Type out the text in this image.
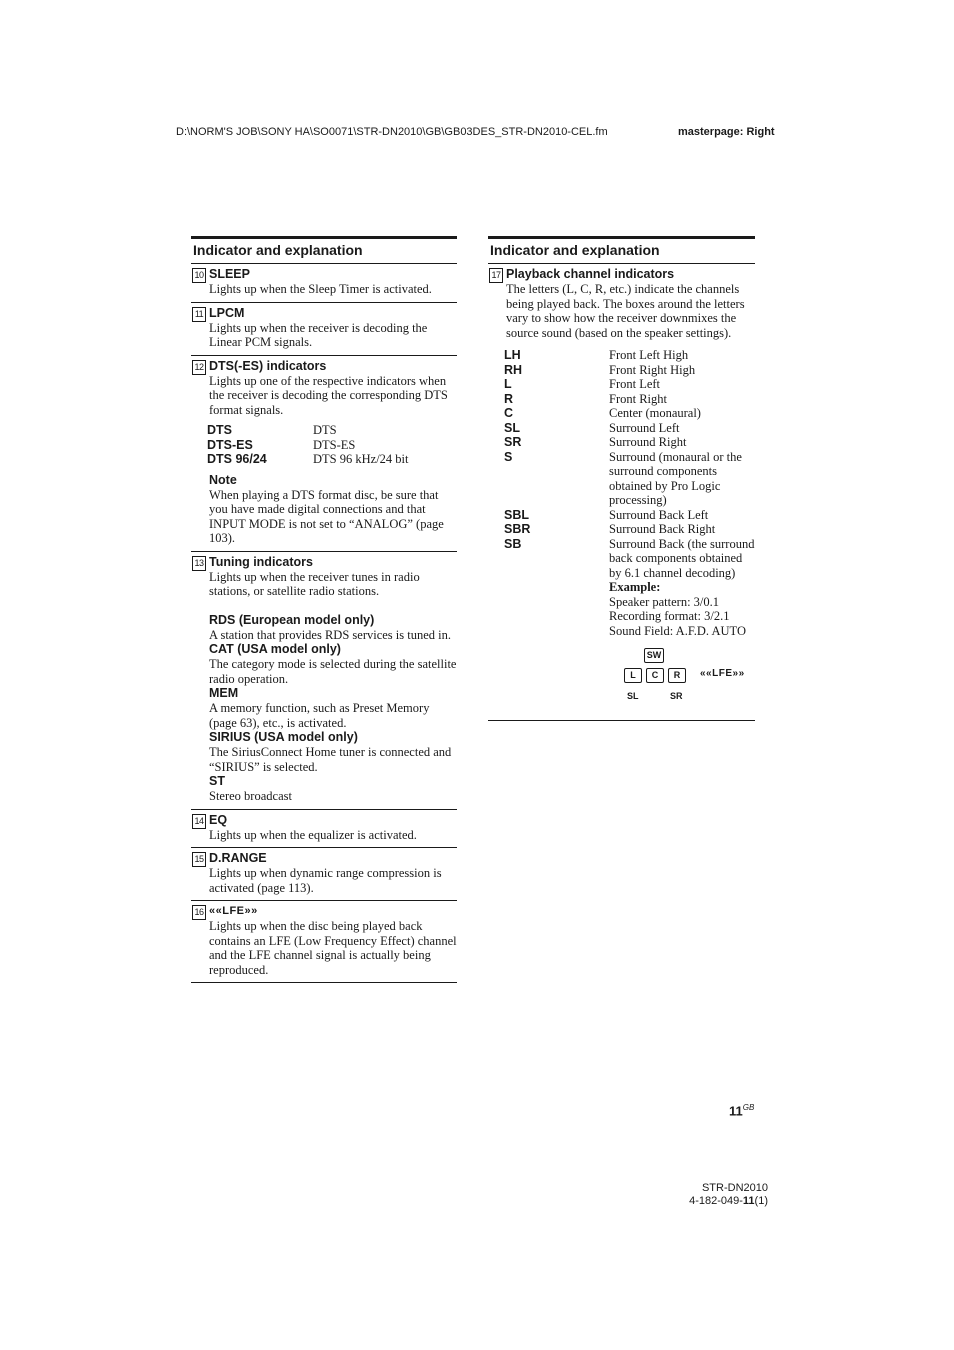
D:\NORM'S JOB\SONY HA\SO0071\STR-DN2010\GB\GB03DES_STR-DN2010-CEL.fm	masterpage: Right
Indicator and explanation
10 SLEEP
Lights up when the Sleep Timer is activated.
11 LPCM
Lights up when the receiver is decoding the Linear PCM signals.
12 DTS(-ES) indicators
Lights up one of the respective indicators when the receiver is decoding the corresponding DTS format signals.
DTS	DTS
DTS-ES	DTS-ES
DTS 96/24	DTS 96 kHz/24 bit
Note
When playing a DTS format disc, be sure that you have made digital connections and that INPUT MODE is not set to “ANALOG” (page 103).
13 Tuning indicators
Lights up when the receiver tunes in radio stations, or satellite radio stations.
RDS (European model only)
A station that provides RDS services is tuned in.
CAT (USA model only)
The category mode is selected during the satellite radio operation.
MEM
A memory function, such as Preset Memory (page 63), etc., is activated.
SIRIUS (USA model only)
The SiriusConnect Home tuner is connected and “SIRIUS” is selected.
ST
Stereo broadcast
14 EQ
Lights up when the equalizer is activated.
15 D.RANGE
Lights up when dynamic range compression is activated (page 113).
16 ««LFE»»
Lights up when the disc being played back contains an LFE (Low Frequency Effect) channel and the LFE channel signal is actually being reproduced.
Indicator and explanation
17 Playback channel indicators
The letters (L, C, R, etc.) indicate the channels being played back. The boxes around the letters vary to show how the receiver downmixes the source sound (based on the speaker settings).
LH	Front Left High
RH	Front Right High
L	Front Left
R	Front Right
C	Center (monaural)
SL	Surround Left
SR	Surround Right
S	Surround (monaural or the surround components obtained by Pro Logic processing)
SBL	Surround Back Left
SBR	Surround Back Right
SB	Surround Back (the surround back components obtained by 6.1 channel decoding)

	Example:
Speaker pattern: 3/0.1
Recording format: 3/2.1
Sound Field: A.F.D. AUTO
SW
L	C	R	««LFE»»
SL	SR
$11^{GB}$
STR-DN2010
4-182-049-11(1)
